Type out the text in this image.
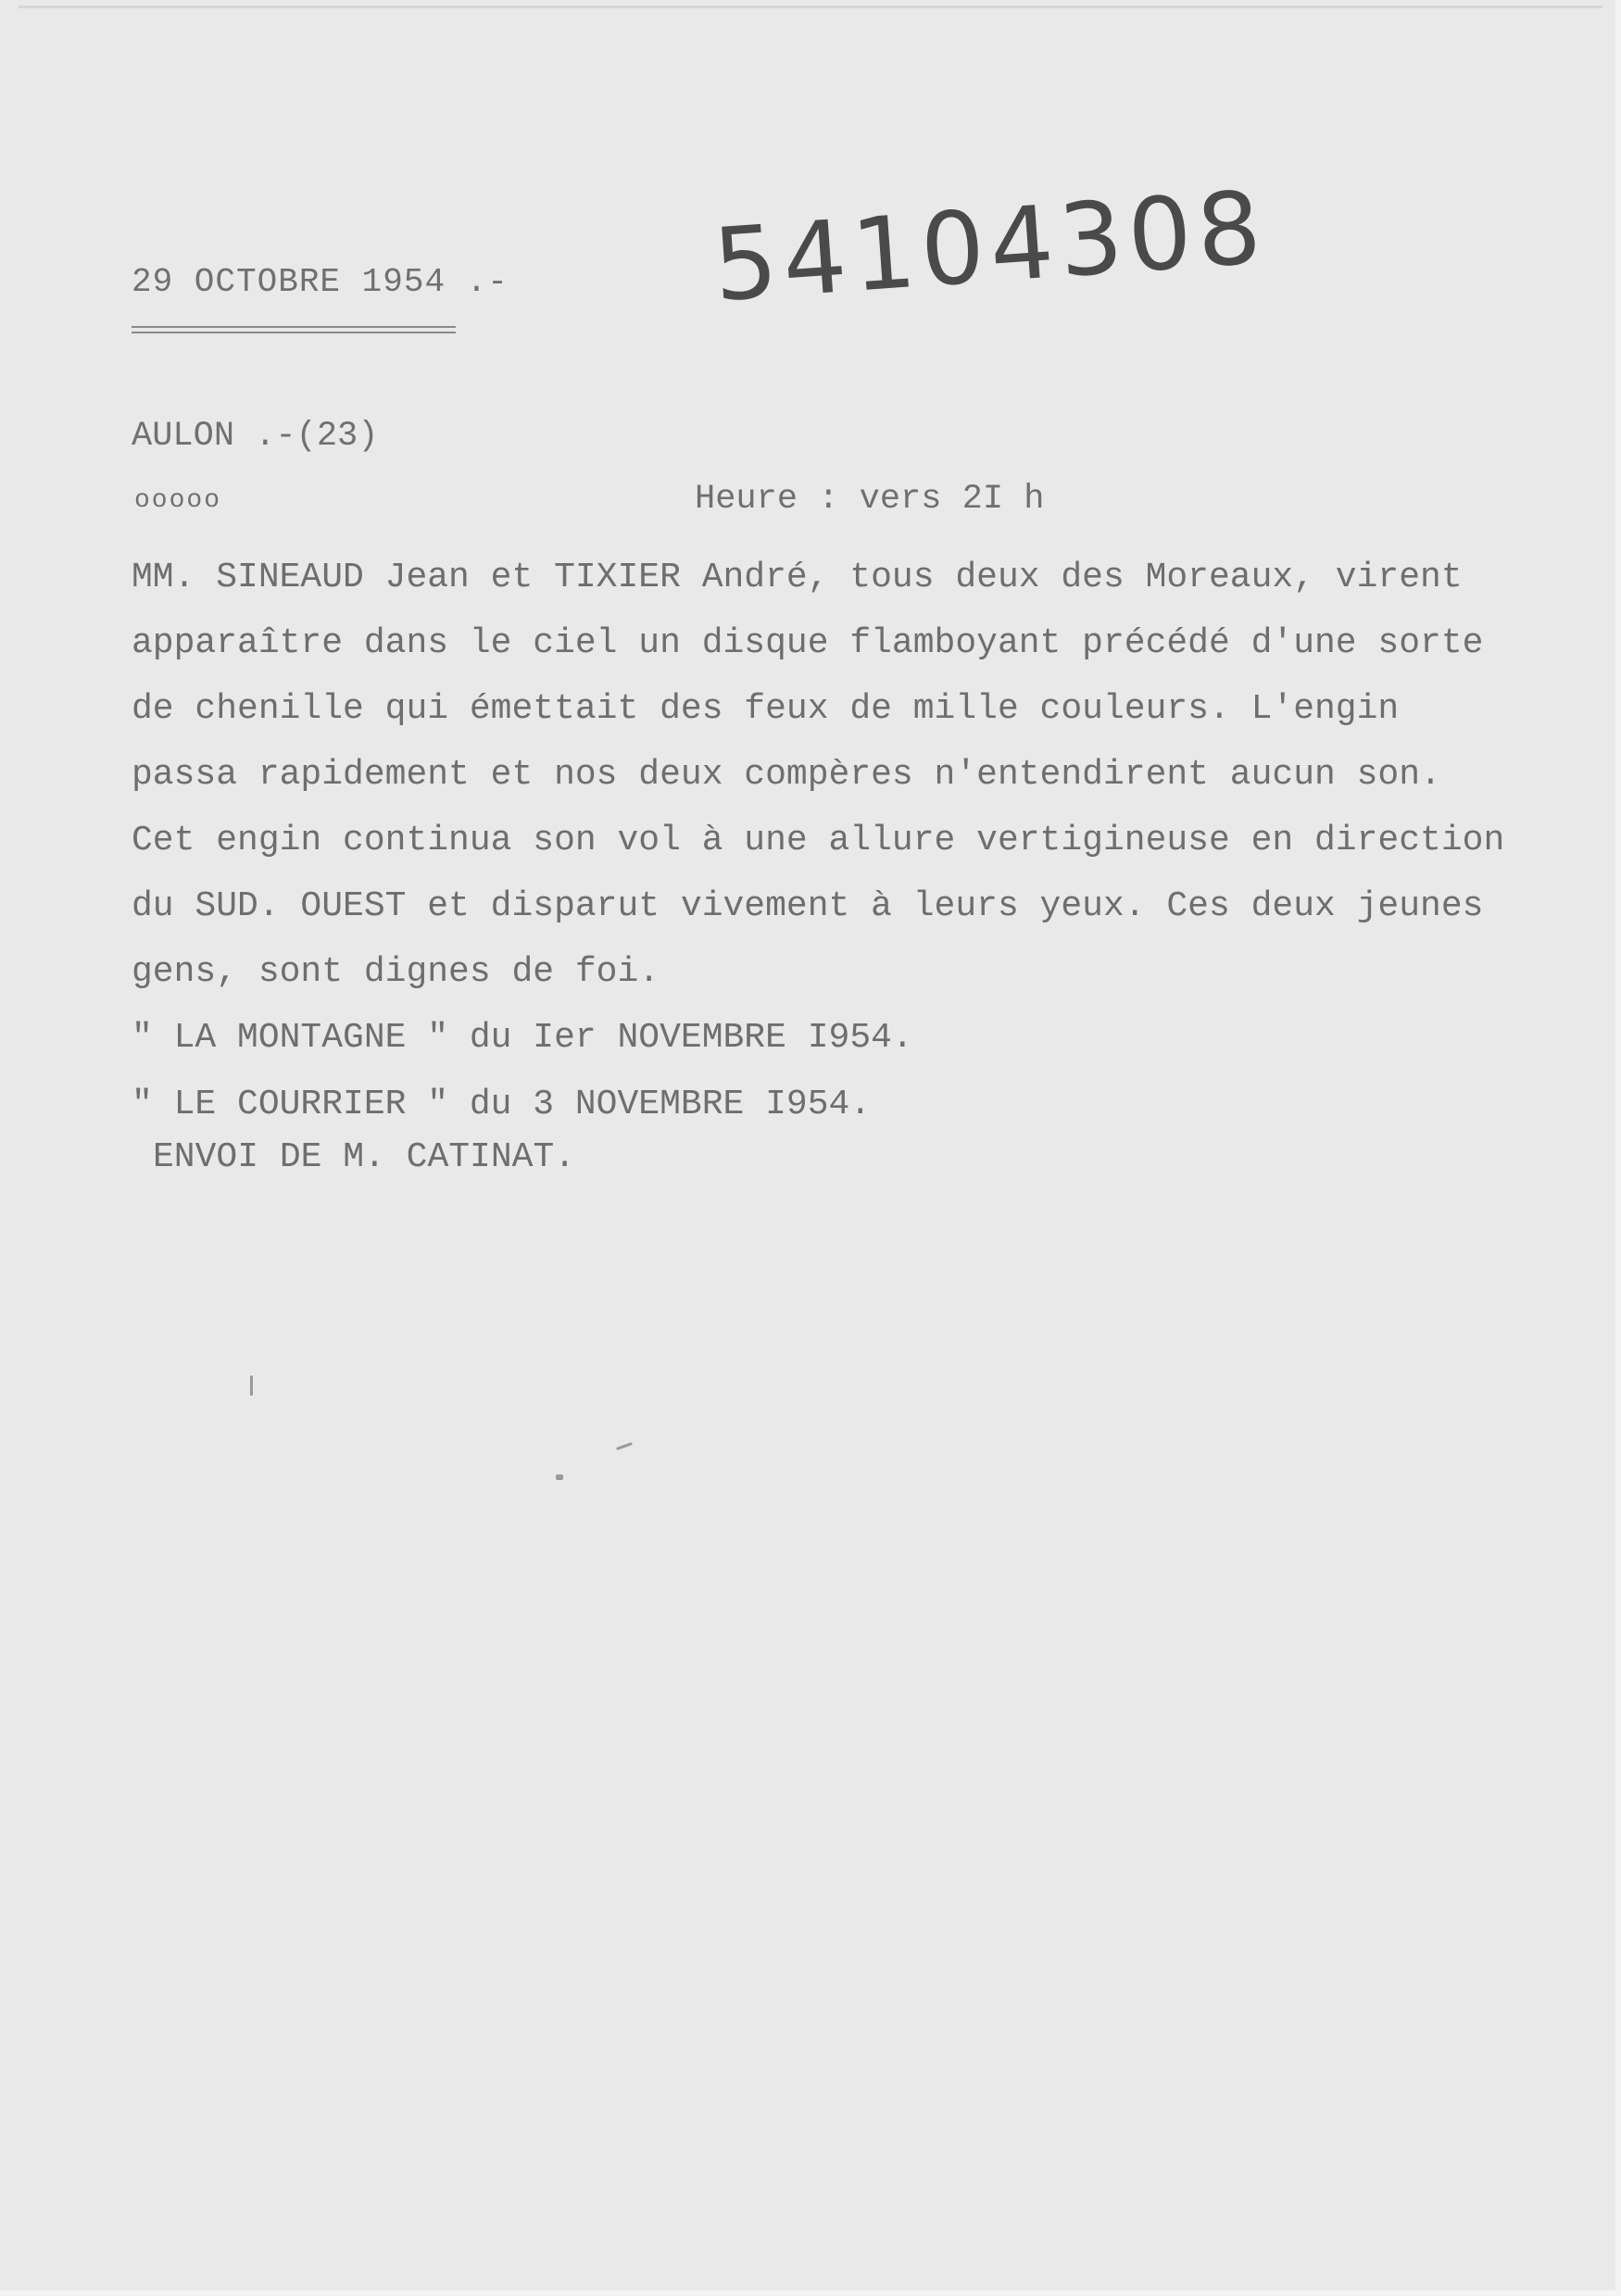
29 OCTOBRE 1954 .- 54104308
AULON .-(23)
ooooo	Heure : vers 2I h
MM. SINEAUD Jean et TIXIER André, tous deux des Moreaux, virent
apparaître dans le ciel un disque flamboyant précédé d'une sorte
de chenille qui émettait des feux de mille couleurs. L'engin
passa rapidement et nos deux compères n'entendirent aucun son.
Cet engin continua son vol à une allure vertigineuse en direction
du SUD. OUEST et disparut vivement à leurs yeux. Ces deux jeunes
gens, sont dignes de foi.
" LA MONTAGNE " du Ier NOVEMBRE I954.
" LE COURRIER " du 3 NOVEMBRE I954.
ENVOI DE M. CATINAT.
